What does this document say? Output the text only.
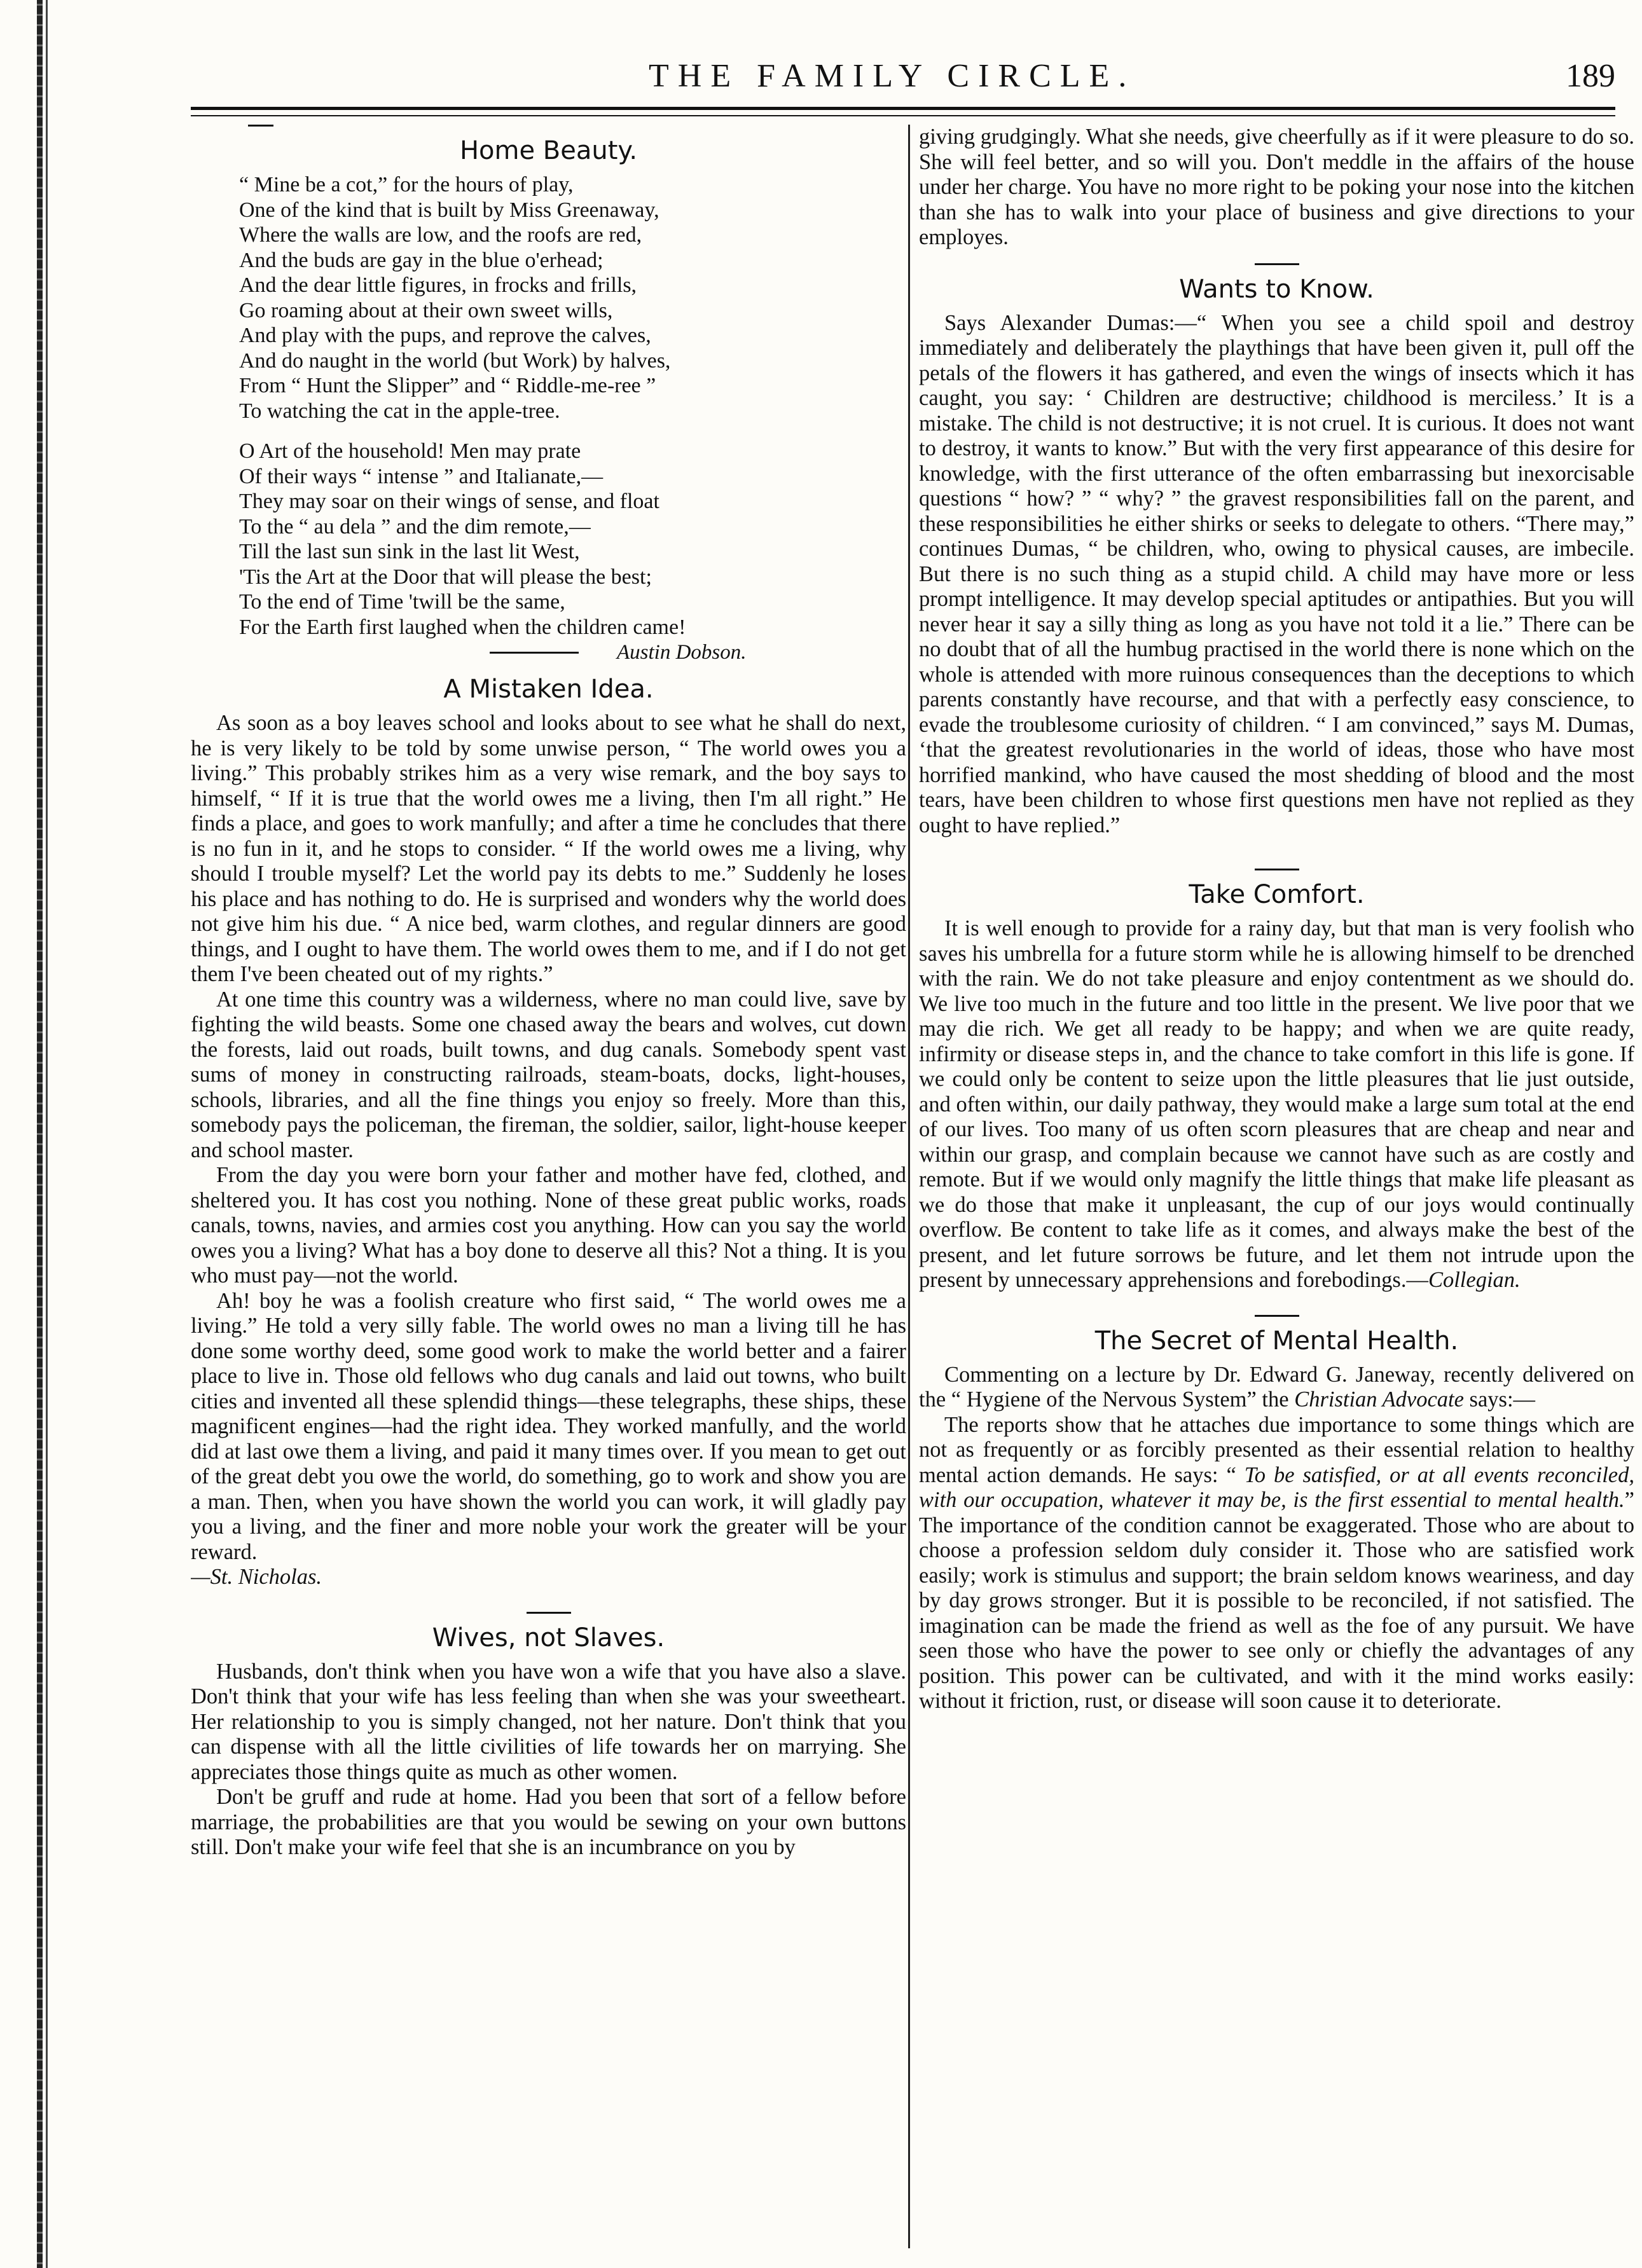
THE FAMILY CIRCLE.	189
Home Beauty.
“ Mine be a cot,” for the hours of play,
One of the kind that is built by Miss Greenaway,
Where the walls are low, and the roofs are red,
And the buds are gay in the blue o'erhead;
And the dear little figures, in frocks and frills,
Go roaming about at their own sweet wills,
And play with the pups, and reprove the calves,
And do naught in the world (but Work) by halves,
From “ Hunt the Slipper” and “ Riddle-me-ree ”
To watching the cat in the apple-tree.
O Art of the household! Men may prate
Of their ways “ intense ” and Italianate,—
They may soar on their wings of sense, and float
To the “ au dela ” and the dim remote,—
Till the last sun sink in the last lit West,
'Tis the Art at the Door that will please the best;
To the end of Time 'twill be the same,
For the Earth first laughed when the children came!
Austin Dobson.
A Mistaken Idea.

As soon as a boy leaves school and looks about to see what he shall do next, he is very likely to be told by some unwise person, “ The world owes you a living.” This probably strikes him as a very wise remark, and the boy says to himself, “ If it is true that the world owes me a living, then I'm all right.” He finds a place, and goes to work manfully; and after a time he concludes that there is no fun in it, and he stops to consider. “ If the world owes me a living, why should I trouble myself? Let the world pay its debts to me.” Suddenly he loses his place and has nothing to do. He is surprised and wonders why the world does not give him his due. “ A nice bed, warm clothes, and regular dinners are good things, and I ought to have them. The world owes them to me, and if I do not get them I've been cheated out of my rights.”

At one time this country was a wilderness, where no man could live, save by fighting the wild beasts. Some one chased away the bears and wolves, cut down the forests, laid out roads, built towns, and dug canals. Somebody spent vast sums of money in constructing railroads, steam-boats, docks, light-houses, schools, libraries, and all the fine things you enjoy so freely. More than this, somebody pays the policeman, the fireman, the soldier, sailor, light-house keeper and school master.

From the day you were born your father and mother have fed, clothed, and sheltered you. It has cost you nothing. None of these great public works, roads canals, towns, navies, and armies cost you anything. How can you say the world owes you a living? What has a boy done to deserve all this? Not a thing. It is you who must pay—not the world.

Ah! boy he was a foolish creature who first said, “ The world owes me a living.” He told a very silly fable. The world owes no man a living till he has done some worthy deed, some good work to make the world better and a fairer place to live in. Those old fellows who dug canals and laid out towns, who built cities and invented all these splendid things—these telegraphs, these ships, these magnificent engines—had the right idea. They worked manfully, and the world did at last owe them a living, and paid it many times over. If you mean to get out of the great debt you owe the world, do something, go to work and show you are a man. Then, when you have shown the world you can work, it will gladly pay you a living, and the finer and more noble your work the greater will be your reward.

—St. Nicholas.

Wives, not Slaves.

Husbands, don't think when you have won a wife that you have also a slave. Don't think that your wife has less feeling than when she was your sweetheart. Her relationship to you is simply changed, not her nature. Don't think that you can dispense with all the little civilities of life towards her on marrying. She appreciates those things quite as much as other women.

Don't be gruff and rude at home. Had you been that sort of a fellow before marriage, the probabilities are that you would be sewing on your own buttons still. Don't make your wife feel that she is an incumbrance on you by

giving grudgingly. What she needs, give cheerfully as if it were pleasure to do so. She will feel better, and so will you. Don't meddle in the affairs of the house under her charge. You have no more right to be poking your nose into the kitchen than she has to walk into your place of business and give directions to your employes.

Wants to Know.

Says Alexander Dumas:—“ When you see a child spoil and destroy immediately and deliberately the playthings that have been given it, pull off the petals of the flowers it has gathered, and even the wings of insects which it has caught, you say: ‘ Children are destructive; childhood is merciless.’ It is a mistake. The child is not destructive; it is not cruel. It is curious. It does not want to destroy, it wants to know.” But with the very first appearance of this desire for knowledge, with the first utterance of the often embarrassing but inexorcisable questions “ how? ” “ why? ” the gravest responsibilities fall on the parent, and these responsibilities he either shirks or seeks to delegate to others. “There may,” continues Dumas, “ be children, who, owing to physical causes, are imbecile. But there is no such thing as a stupid child. A child may have more or less prompt intelligence. It may develop special aptitudes or antipathies. But you will never hear it say a silly thing as long as you have not told it a lie.” There can be no doubt that of all the humbug practised in the world there is none which on the whole is attended with more ruinous consequences than the deceptions to which parents constantly have recourse, and that with a perfectly easy conscience, to evade the troublesome curiosity of children. “ I am convinced,” says M. Dumas, ‘that the greatest revolutionaries in the world of ideas, those who have most horrified mankind, who have caused the most shedding of blood and the most tears, have been children to whose first questions men have not replied as they ought to have replied.”

Take Comfort.

It is well enough to provide for a rainy day, but that man is very foolish who saves his umbrella for a future storm while he is allowing himself to be drenched with the rain. We do not take pleasure and enjoy contentment as we should do. We live too much in the future and too little in the present. We live poor that we may die rich. We get all ready to be happy; and when we are quite ready, infirmity or disease steps in, and the chance to take comfort in this life is gone. If we could only be content to seize upon the little pleasures that lie just outside, and often within, our daily pathway, they would make a large sum total at the end of our lives. Too many of us often scorn pleasures that are cheap and near and within our grasp, and complain because we cannot have such as are costly and remote. But if we would only magnify the little things that make life pleasant as we do those that make it unpleasant, the cup of our joys would continually overflow. Be content to take life as it comes, and always make the best of the present, and let future sorrows be future, and let them not intrude upon the present by unnecessary apprehensions and forebodings.—Collegian.

The Secret of Mental Health.

Commenting on a lecture by Dr. Edward G. Janeway, recently delivered on the “ Hygiene of the Nervous System” the Christian Advocate says:—

The reports show that he attaches due importance to some things which are not as frequently or as forcibly presented as their essential relation to healthy mental action demands. He says: “ To be satisfied, or at all events reconciled, with our occupation, whatever it may be, is the first essential to mental health.” The importance of the condition cannot be exaggerated. Those who are about to choose a profession seldom duly consider it. Those who are satisfied work easily; work is stimulus and support; the brain seldom knows weariness, and day by day grows stronger. But it is possible to be reconciled, if not satisfied. The imagination can be made the friend as well as the foe of any pursuit. We have seen those who have the power to see only or chiefly the advantages of any position. This power can be cultivated, and with it the mind works easily: without it friction, rust, or disease will soon cause it to deteriorate.
